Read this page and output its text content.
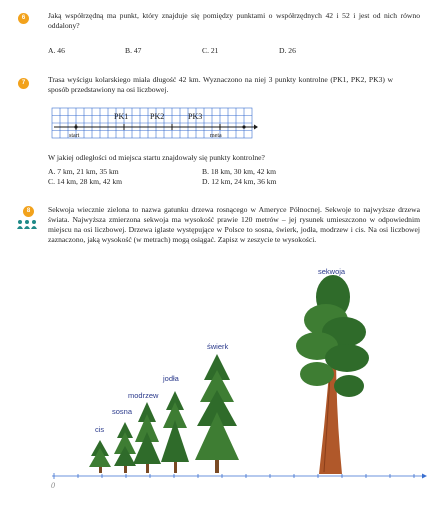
6	Jaką współrzędną ma punkt, który znajduje się pomiędzy punktami o współrzędnych 42 i 52 i jest od nich równo oddalony?
A. 46	B. 47	C. 21	D. 26
7	Trasa wyścigu kolarskiego miała długość 42 km. Wyznaczono na niej 3 punkty kontrolne (PK1, PK2, PK3) w sposób przedstawiony na osi liczbowej.
PK1	PK2	PK3
start	meta
W jakiej odległości od miejsca startu znajdowały się punkty kontrolne?
A. 7 km, 21 km, 35 km	B. 18 km, 30 km, 42 km
C. 14 km, 28 km, 42 km	D. 12 km, 24 km, 36 km
8	Sekwoja wiecznie zielona to nazwa gatunku drzewa rosnącego w Ameryce Północnej. Sekwoje to najwyższe drzewa świata. Najwyższa zmierzona sekwoja ma wysokość prawie 120 metrów – jej rysunek umieszczono w odpowiednim miejscu na osi liczbowej. Drzewa iglaste występujące w Polsce to sosna, świerk, jodła, modrzew i cis. Na osi liczbowej zaznaczono, jaką wysokość (w metrach) mogą osiągać. Zapisz w zeszycie te wysokości.
sekwoja
świerk
jodła
modrzew
sosna
cis
0
